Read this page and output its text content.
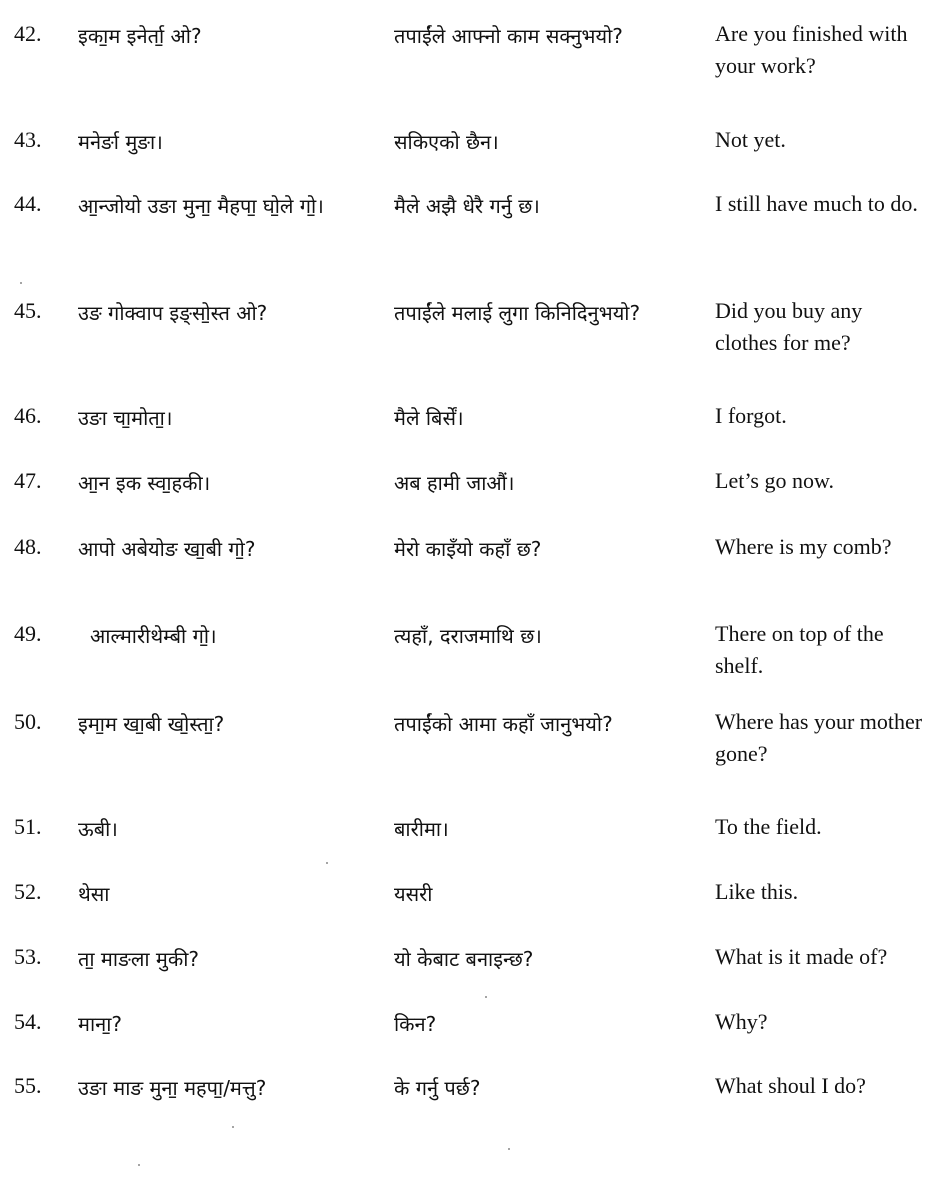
42.	इका॒म इनेर्ता॒ ओ?	तपाईंले आफ्नो काम सक्नुभयो?	Are you finished with your work?
43.	मनेर्ङा मुङा।	सकिएको छैन।	Not yet.
44.	आ॒न्जोयो उङा मुना॒ मैहपा॒ घो॒ले गो॒।	मैले अझै धेरै गर्नु छ।	I still have much to do.
45.	उङ गोक्वाप इङ्सो॒स्त ओ?	तपाईंले मलाई लुगा किनिदिनुभयो?	Did you buy any clothes for me?
46.	उङा चा॒मोता॒।	मैले बिर्सें।	I forgot.
47.	आ॒न इक स्वा॒हकी।	अब हामी जाऔं।	Let’s go now.
48.	आपो अबेयोङ खा॒बी गो॒?	मेरो काइँयो कहाँ छ?	Where is my comb?
49.	आल्मारीथेम्बी गो॒।	त्यहाँ, दराजमाथि छ।	There on top of the shelf.
50.	इमा॒म खा॒बी खो॒स्ता॒?	तपाईंको आमा कहाँ जानुभयो?	Where has your mother gone?
51.	ऊबी।	बारीमा।	To the field.
52.	थेसा	यसरी	Like this.
53.	ता॒ माङला मुकी?	यो केबाट बनाइन्छ?	What is it made of?
54.	माना॒?	किन?	Why?
55.	उङा माङ मुना॒ महपा॒/मत्तु?	के गर्नु पर्छ?	What shoul I do?
